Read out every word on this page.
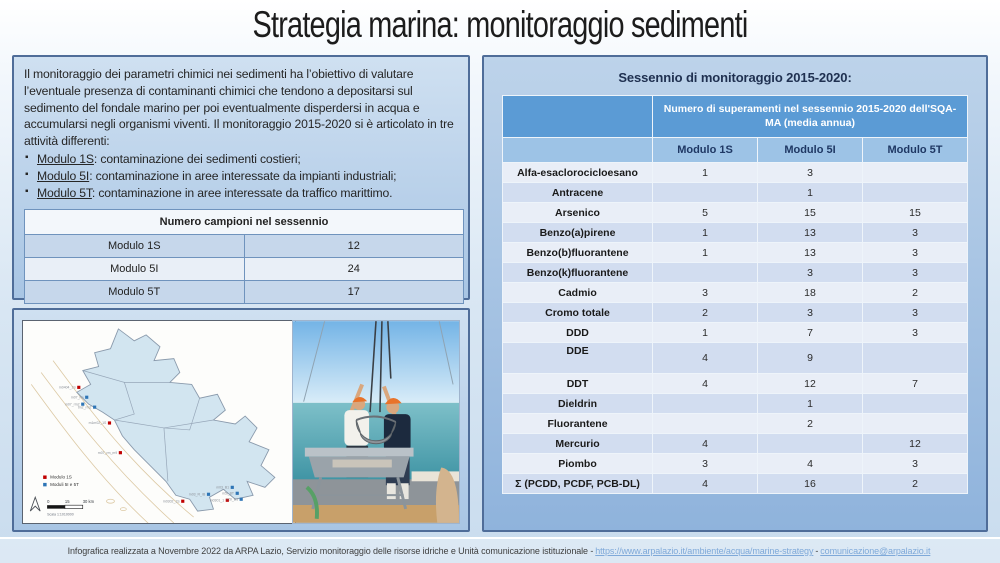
Strategia marina: monitoraggio sedimenti

Il monitoraggio dei parametri chimici nei sedimenti ha l’obiettivo di valutare l’eventuale presenza di contaminanti chimici che tendono a depositarsi sul sedimento del fondale marino per poi eventualmente disperdersi in acqua e accumularsi negli organismi viventi. Il monitoraggio 2015-2020 si è articolato in tre attività differenti:

▪ Modulo 1S: contaminazione dei sedimenti costieri;
▪ Modulo 5I: contaminazione in aree interessate da impianti industriali;
▪ Modulo 5T: contaminazione in aree interessate da traffico marittimo.
Numero campioni nel sessennio	
Modulo 1S	12
Modulo 5I	24
Modulo 5T	17
m0404_1S
m07_rm
m07_rm2
tm2_rm2
m1m02_1S
m07_rm_m9
m0302_1S
m03_R_rB
m03_B1
m5l_BT
m0301_1 m5l_B1
Modulo 1S
Moduli 5I e 5T
0	15	30 km
Scala 1:1010000
Sessennio di monitoraggio 2015-2020:
	Numero di superamenti nel sessennio 2015-2020 dell'SQA-MA (media annua)		
	Modulo 1S	Modulo 5I	Modulo 5T
Alfa-esaclorocicloesano	1	3	
Antracene		1	
Arsenico	5	15	15
Benzo(a)pirene	1	13	3
Benzo(b)fluorantene	1	13	3
Benzo(k)fluorantene		3	3
Cadmio	3	18	2
Cromo totale	2	3	3
DDD	1	7	3
DDE	4	9	
DDT	4	12	7
Dieldrin		1	
Fluorantene		2	
Mercurio	4		12
Piombo	3	4	3
Σ (PCDD, PCDF, PCB-DL)	4	16	2
Infografica realizzata a Novembre 2022 da ARPA Lazio, Servizio monitoraggio delle risorse idriche e Unità comunicazione istituzionale - https://www.arpalazio.it/ambiente/acqua/marine-strategy - comunicazione@arpalazio.it
